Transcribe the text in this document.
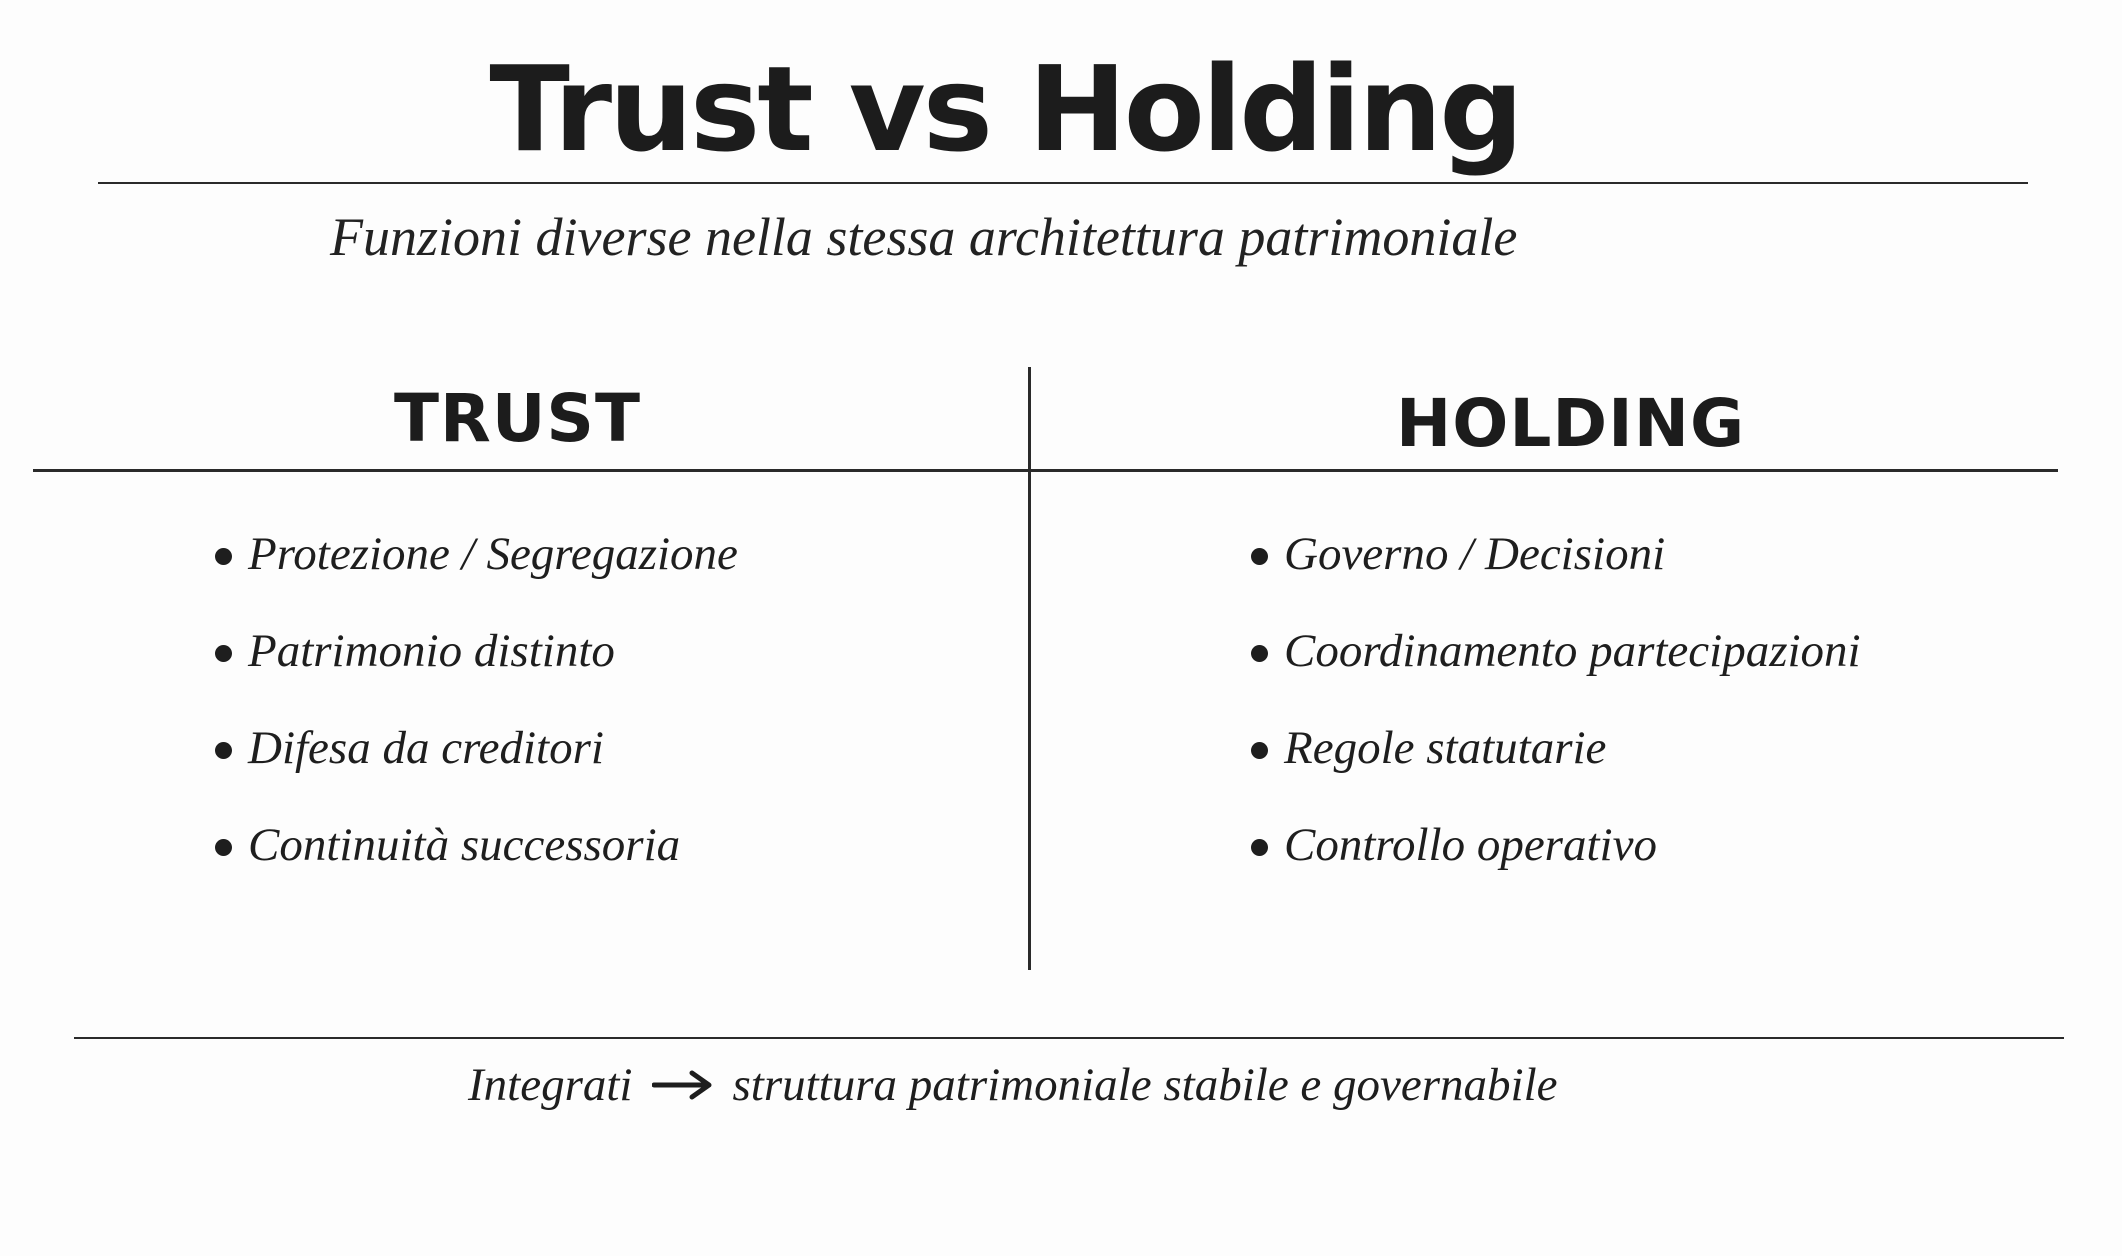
Trust vs Holding
Funzioni diverse nella stessa architettura patrimoniale
TRUST	HOLDING
Protezione / Segregazione
Patrimonio distinto
Difesa da creditori
Continuità successoria
Governo / Decisioni
Coordinamento partecipazioni
Regole statutarie
Controllo operativo
Integrati struttura patrimoniale stabile e governabile
